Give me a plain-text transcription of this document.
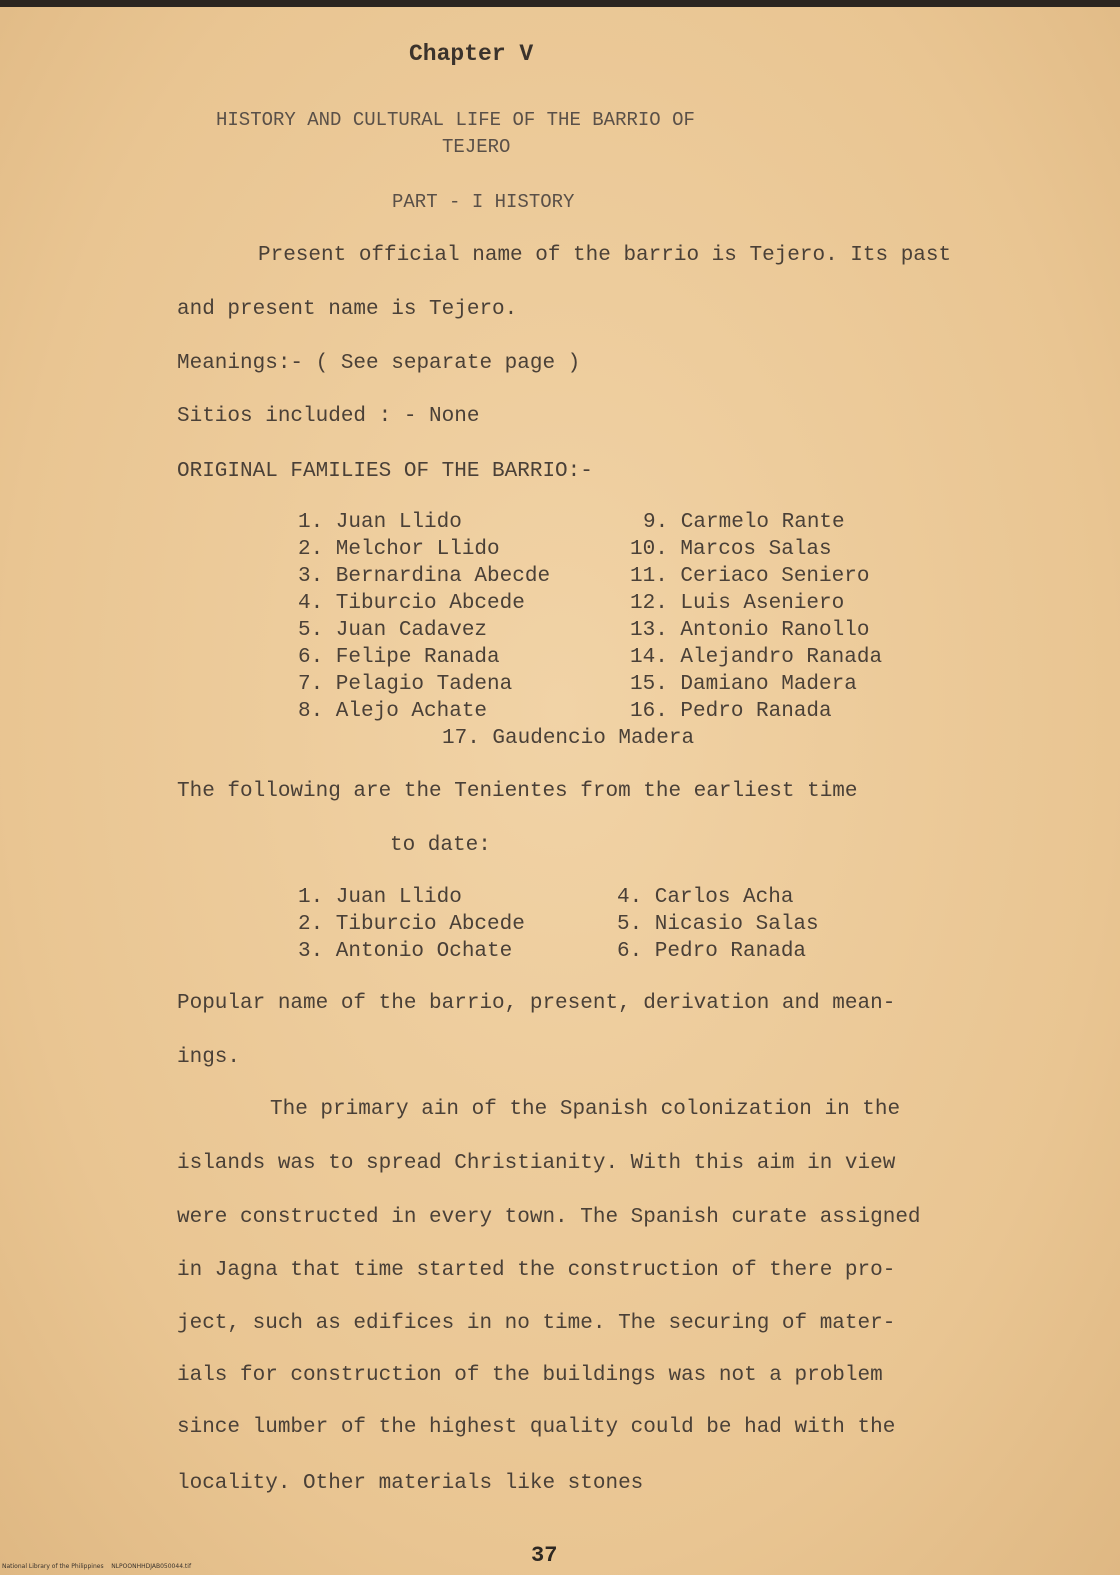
Chapter V
HISTORY AND CULTURAL LIFE OF THE BARRIO OF
TEJERO
PART - I HISTORY
Present official name of the barrio is Tejero. Its past
and present name is Tejero.
Meanings:- ( See separate page )
Sitios included : - None
ORIGINAL FAMILIES OF THE BARRIO:-
1. Juan Llido
2. Melchor Llido
3. Bernardina Abecde
4. Tiburcio Abcede
5. Juan Cadavez
6. Felipe Ranada
7. Pelagio Tadena
8. Alejo Achate
9. Carmelo Rante
10. Marcos Salas
11. Ceriaco Seniero
12. Luis Aseniero
13. Antonio Ranollo
14. Alejandro Ranada
15. Damiano Madera
16. Pedro Ranada
17. Gaudencio Madera
The following are the Tenientes from the earliest time
to date:
1. Juan Llido
2. Tiburcio Abcede
3. Antonio Ochate
4. Carlos Acha
5. Nicasio Salas
6. Pedro Ranada
Popular name of the barrio, present, derivation and mean-
ings.
The primary ain of the Spanish colonization in the
islands was to spread Christianity. With this aim in view
were constructed in every town. The Spanish curate assigned
in Jagna that time started the construction of there pro-
ject, such as edifices in no time. The securing of mater-
ials for construction of the buildings was not a problem
since lumber of the highest quality could be had with the
locality. Other materials like stones
37
National Library of the Philippines    NLPOONHHDJAB050044.tif
